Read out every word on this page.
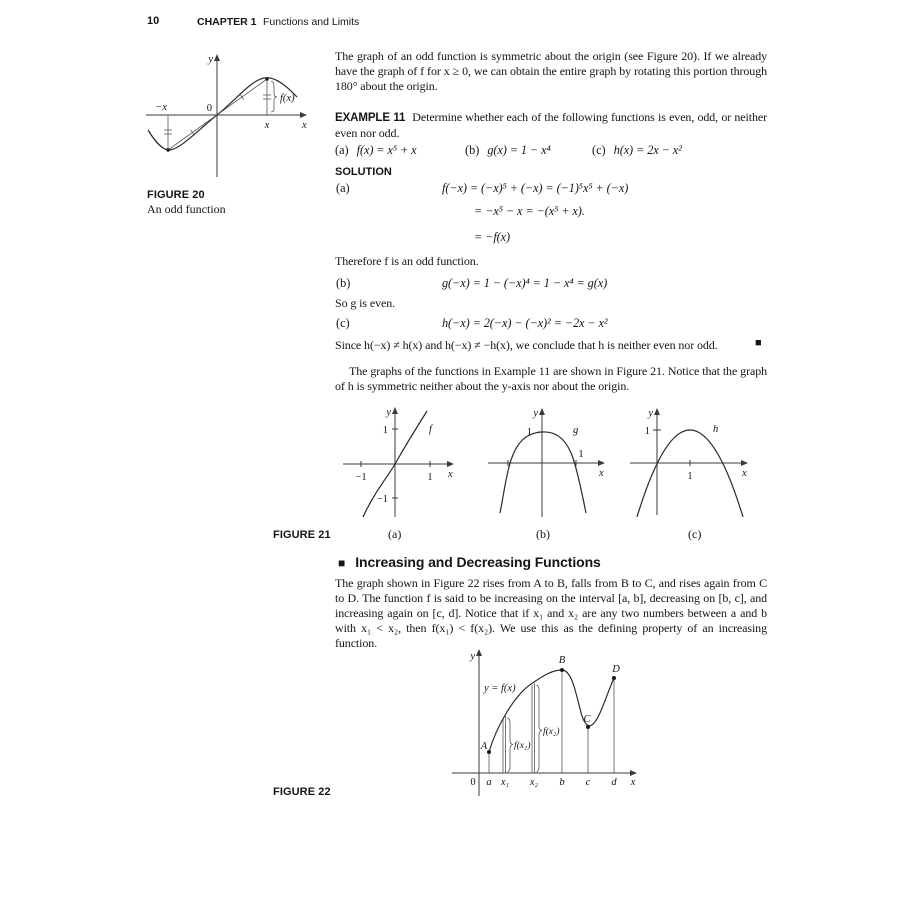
10	CHAPTER 1 Functions and Limits
y
0
−x
x	x
f(x)
FIGURE 20
An odd function
The graph of an odd function is symmetric about the origin (see Figure 20). If we already have the graph of f for x ≥ 0, we can obtain the entire graph by rotating this portion through 180° about the origin.
EXAMPLE 11 Determine whether each of the following functions is even, odd, or neither even nor odd.
(a) f(x) = x⁵ + x	(b) g(x) = 1 − x⁴	(c) h(x) = 2x − x²
SOLUTION
(a)	f(−x) = (−x)⁵ + (−x) = (−1)⁵x⁵ + (−x)
= −x⁵ − x = −(x⁵ + x).
= −f(x)
Therefore f is an odd function.
(b)	g(−x) = 1 − (−x)⁴ = 1 − x⁴ = g(x)
So g is even.
(c)	h(−x) = 2(−x) − (−x)² = −2x − x²
Since h(−x) ≠ h(x) and h(−x) ≠ −h(x), we conclude that h is neither even nor odd.	■
The graphs of the functions in Example 11 are shown in Figure 21. Notice that the graph of h is symmetric neither about the y-axis nor about the origin.
y
x
−1	1
1
−1
f
y
x
1
1
g
y
x
1
1
h
(a)	(b)	(c)
FIGURE 21
■ Increasing and Decreasing Functions
The graph shown in Figure 22 rises from A to B, falls from B to C, and rises again from C to D. The function f is said to be increasing on the interval [a, b], decreasing on [b, c], and increasing again on [c, d]. Notice that if x₁ and x₂ are any two numbers between a and b with x₁ < x₂, then f(x₁) < f(x₂). We use this as the defining property of an increasing function.
y
y = f(x)
A
B
C
D
f(x₁)
f(x₂)
0 a x₁ x₂ b c d x
FIGURE 22
